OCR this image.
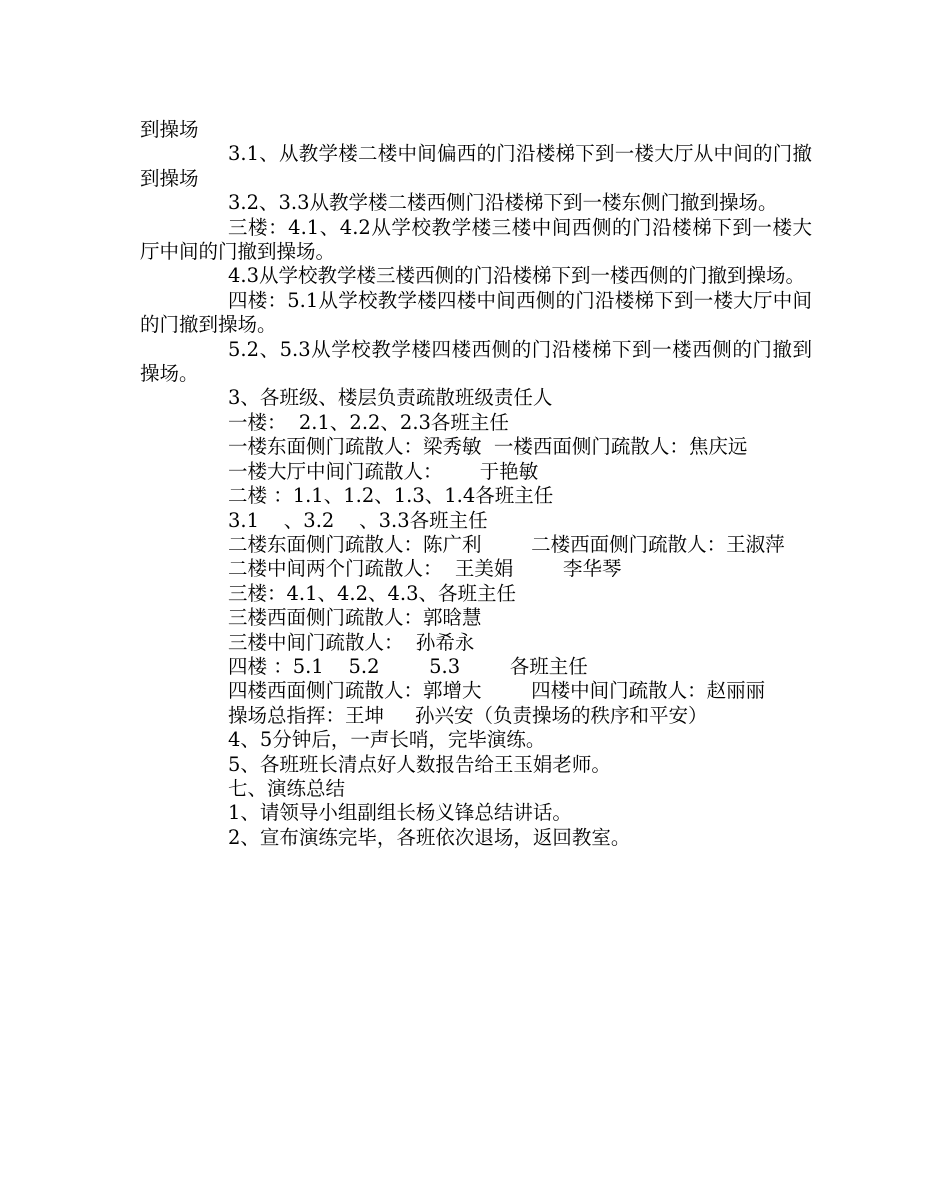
到操场

3.1、从教学楼二楼中间偏西的门沿楼梯下到一楼大厅从中间的门撤到操场

3.2、3.3从教学楼二楼西侧门沿楼梯下到一楼东侧门撤到操场。

三楼：4.1、4.2从学校教学楼三楼中间西侧的门沿楼梯下到一楼大厅中间的门撤到操场。

4.3从学校教学楼三楼西侧的门沿楼梯下到一楼西侧的门撤到操场。

四楼：5.1从学校教学楼四楼中间西侧的门沿楼梯下到一楼大厅中间的门撤到操场。

5.2、5.3从学校教学楼四楼西侧的门沿楼梯下到一楼西侧的门撤到操场。

3、各班级、楼层负责疏散班级责任人

一楼：  2.1、2.2、2.3各班主任

一楼东面侧门疏散人：梁秀敏  一楼西面侧门疏散人：焦庆远

一楼大厅中间门疏散人：      于艳敏

二楼 ：1.1、1.2、1.3、1.4各班主任

3.1    、3.2    、3.3各班主任

二楼东面侧门疏散人：陈广利        二楼西面侧门疏散人：王淑萍

二楼中间两个门疏散人：  王美娟        李华琴

三楼：4.1、4.2、4.3、各班主任

三楼西面侧门疏散人：郭晗慧

三楼中间门疏散人：  孙希永

四楼 ：5.1    5.2        5.3        各班主任

四楼西面侧门疏散人：郭增大        四楼中间门疏散人：赵丽丽

操场总指挥：王坤     孙兴安（负责操场的秩序和平安）

4、5分钟后，一声长哨，完毕演练。

5、各班班长清点好人数报告给王玉娟老师。

七、演练总结

1、请领导小组副组长杨义锋总结讲话。

2、宣布演练完毕，各班依次退场，返回教室。
